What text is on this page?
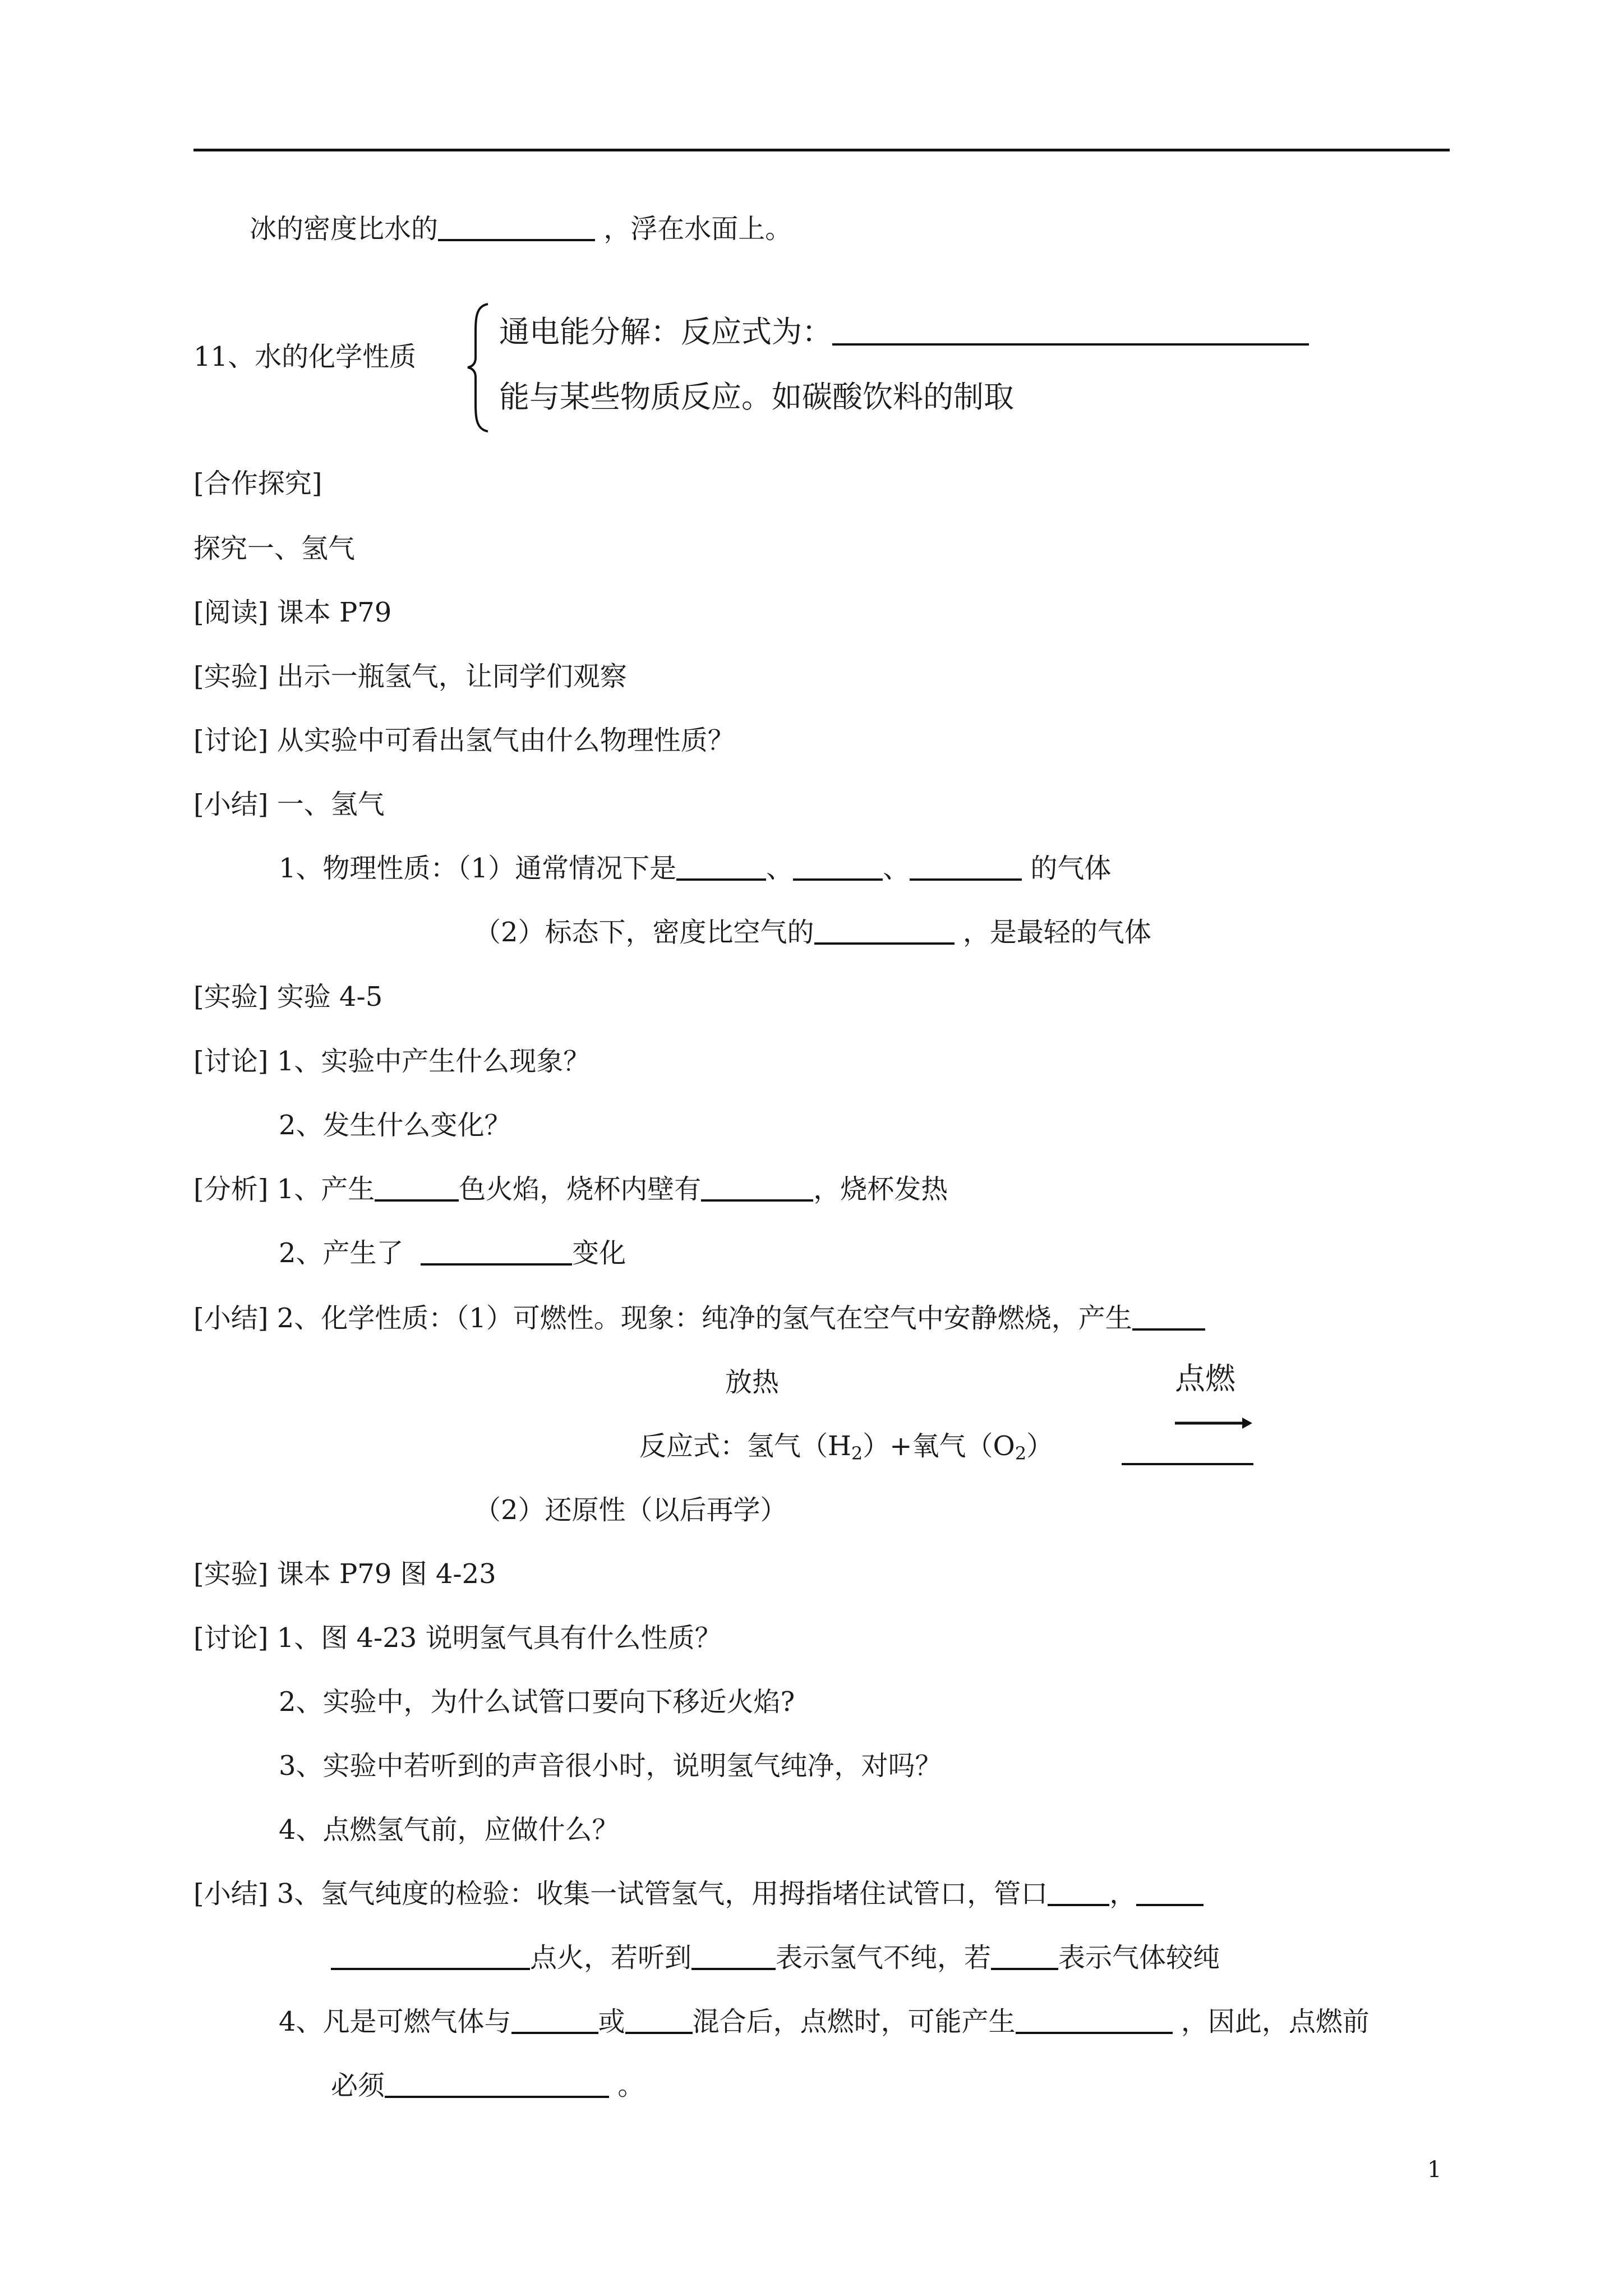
冰的密度比水的	，浮在水面上。
11、水的化学性质
通电能分解：反应式为：
能与某些物质反应。如碳酸饮料的制取
[合作探究]
探究一、氢气
[阅读] 课本 P79
[实验] 出示一瓶氢气，让同学们观察
[讨论] 从实验中可看出氢气由什么物理性质？
[小结] 一、氢气
1、物理性质：（1）通常情况下是	、	、	的气体
（2）标态下，密度比空气的	，是最轻的气体
[实验] 实验 4-5
[讨论] 1、实验中产生什么现象？
2、发生什么变化？
[分析] 1、产生	色火焰，烧杯内壁有	，烧杯发热
2、产生了	变化
[小结] 2、化学性质：（1）可燃性。现象：纯净的氢气在空气中安静燃烧，产生
放热	点燃
反应式：氢气$(H_2)+$氧气$(O_2)$
（2）还原性（以后再学）
[实验] 课本 P79 图 4-23
[讨论] 1、图 4-23 说明氢气具有什么性质？
2、实验中，为什么试管口要向下移近火焰?
3、实验中若听到的声音很小时，说明氢气纯净，对吗？
4、点燃氢气前，应做什么？
[小结] 3、氢气纯度的检验：收集一试管氢气，用拇指堵住试管口，管口 ，
点火，若听到	表示氢气不纯，若	表示气体较纯
4、凡是可燃气体与	或	混合后，点燃时，可能产生	，因此，点燃前
必须	。
1
